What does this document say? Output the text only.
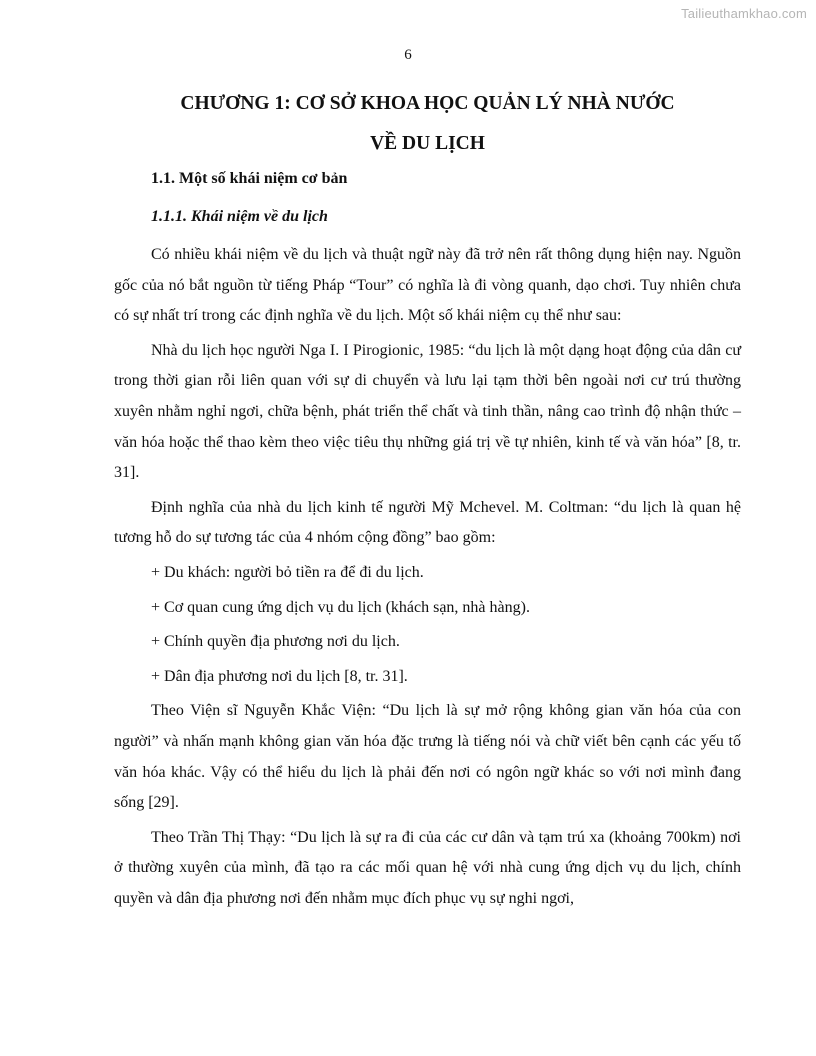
Tailieuthamkhao.com
6
CHƯƠNG 1: CƠ SỞ KHOA HỌC QUẢN LÝ NHÀ NƯỚC
VỀ DU LỊCH
1.1. Một số khái niệm cơ bản
1.1.1. Khái niệm về du lịch

Có nhiều khái niệm về du lịch và thuật ngữ này đã trở nên rất thông dụng hiện nay. Nguồn gốc của nó bắt nguồn từ tiếng Pháp “Tour” có nghĩa là đi vòng quanh, dạo chơi. Tuy nhiên chưa có sự nhất trí trong các định nghĩa về du lịch. Một số khái niệm cụ thể như sau:

Nhà du lịch học người Nga I. I Pirogionic, 1985: “du lịch là một dạng hoạt động của dân cư trong thời gian rỗi liên quan với sự di chuyển và lưu lại tạm thời bên ngoài nơi cư trú thường xuyên nhằm nghỉ ngơi, chữa bệnh, phát triển thể chất và tinh thần, nâng cao trình độ nhận thức – văn hóa hoặc thể thao kèm theo việc tiêu thụ những giá trị về tự nhiên, kinh tế và văn hóa” [8, tr. 31].

Định nghĩa của nhà du lịch kinh tế người Mỹ Mchevel. M. Coltman: “du lịch là quan hệ tương hỗ do sự tương tác của 4 nhóm cộng đồng” bao gồm:

+ Du khách: người bỏ tiền ra để đi du lịch.

+ Cơ quan cung ứng dịch vụ du lịch (khách sạn, nhà hàng).

+ Chính quyền địa phương nơi du lịch.

+ Dân địa phương nơi du lịch [8, tr. 31].

Theo Viện sĩ Nguyễn Khắc Viện: “Du lịch là sự mở rộng không gian văn hóa của con người” và nhấn mạnh không gian văn hóa đặc trưng là tiếng nói và chữ viết bên cạnh các yếu tố văn hóa khác. Vậy có thể hiểu du lịch là phải đến nơi có ngôn ngữ khác so với nơi mình đang sống [29].

Theo Trần Thị Thạy: “Du lịch là sự ra đi của các cư dân và tạm trú xa (khoảng 700km) nơi ở thường xuyên của mình, đã tạo ra các mối quan hệ với nhà cung ứng dịch vụ du lịch, chính quyền và dân địa phương nơi đến nhằm mục đích phục vụ sự nghi ngơi,
